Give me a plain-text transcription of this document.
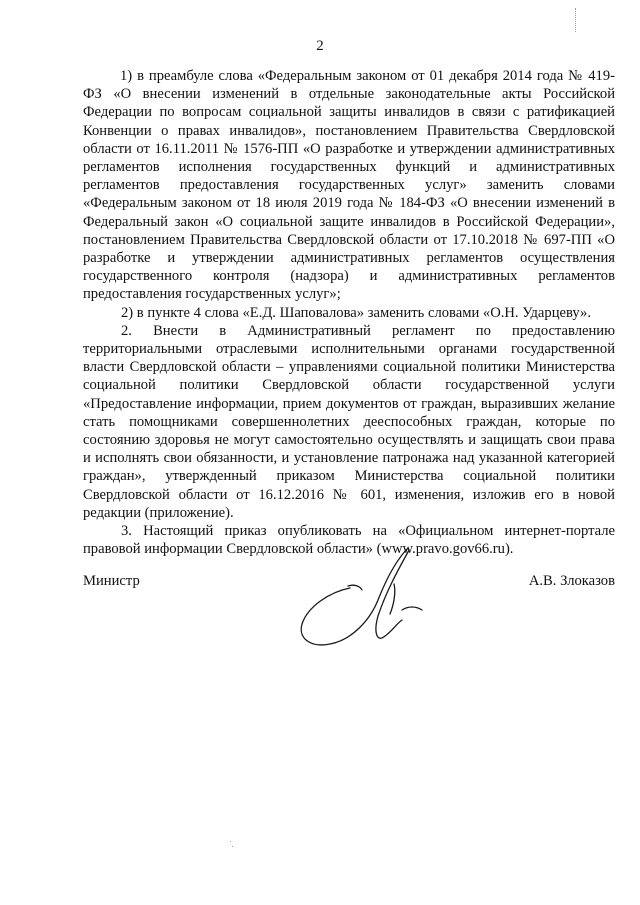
2

1) в преамбуле слова «Федеральным законом от 01 декабря 2014 года № 419-ФЗ «О внесении изменений в отдельные законодательные акты Российской Федерации по вопросам социальной защиты инвалидов в связи с ратификацией Конвенции о правах инвалидов», постановлением Правительства Свердловской области от 16.11.2011 № 1576-ПП «О разработке и утверждении административных регламентов исполнения государственных функций и административных регламентов предоставления государственных услуг» заменить словами «Федеральным законом от 18 июля 2019 года № 184-ФЗ «О внесении изменений в Федеральный закон «О социальной защите инвалидов в Российской Федерации», постановлением Правительства Свердловской области от 17.10.2018 № 697-ПП «О разработке и утверждении административных регламентов осуществления государственного контроля (надзора) и административных регламентов предоставления государственных услуг»;

2) в пункте 4 слова «Е.Д. Шаповалова» заменить словами «О.Н. Ударцеву».

2. Внести в Административный регламент по предоставлению территориальными отраслевыми исполнительными органами государственной власти Свердловской области – управлениями социальной политики Министерства социальной политики Свердловской области государственной услуги «Предоставление информации, прием документов от граждан, выразивших желание стать помощниками совершеннолетних дееспособных граждан, которые по состоянию здоровья не могут самостоятельно осуществлять и защищать свои права и исполнять свои обязанности, и установление патронажа над указанной категорией граждан», утвержденный приказом Министерства социальной политики Свердловской области от 16.12.2016 № 601, изменения, изложив его в новой редакции (приложение).

3. Настоящий приказ опубликовать на «Официальном интернет-портале правовой информации Свердловской области» (www.pravo.gov66.ru).

Министр	А.В. Злоказов
